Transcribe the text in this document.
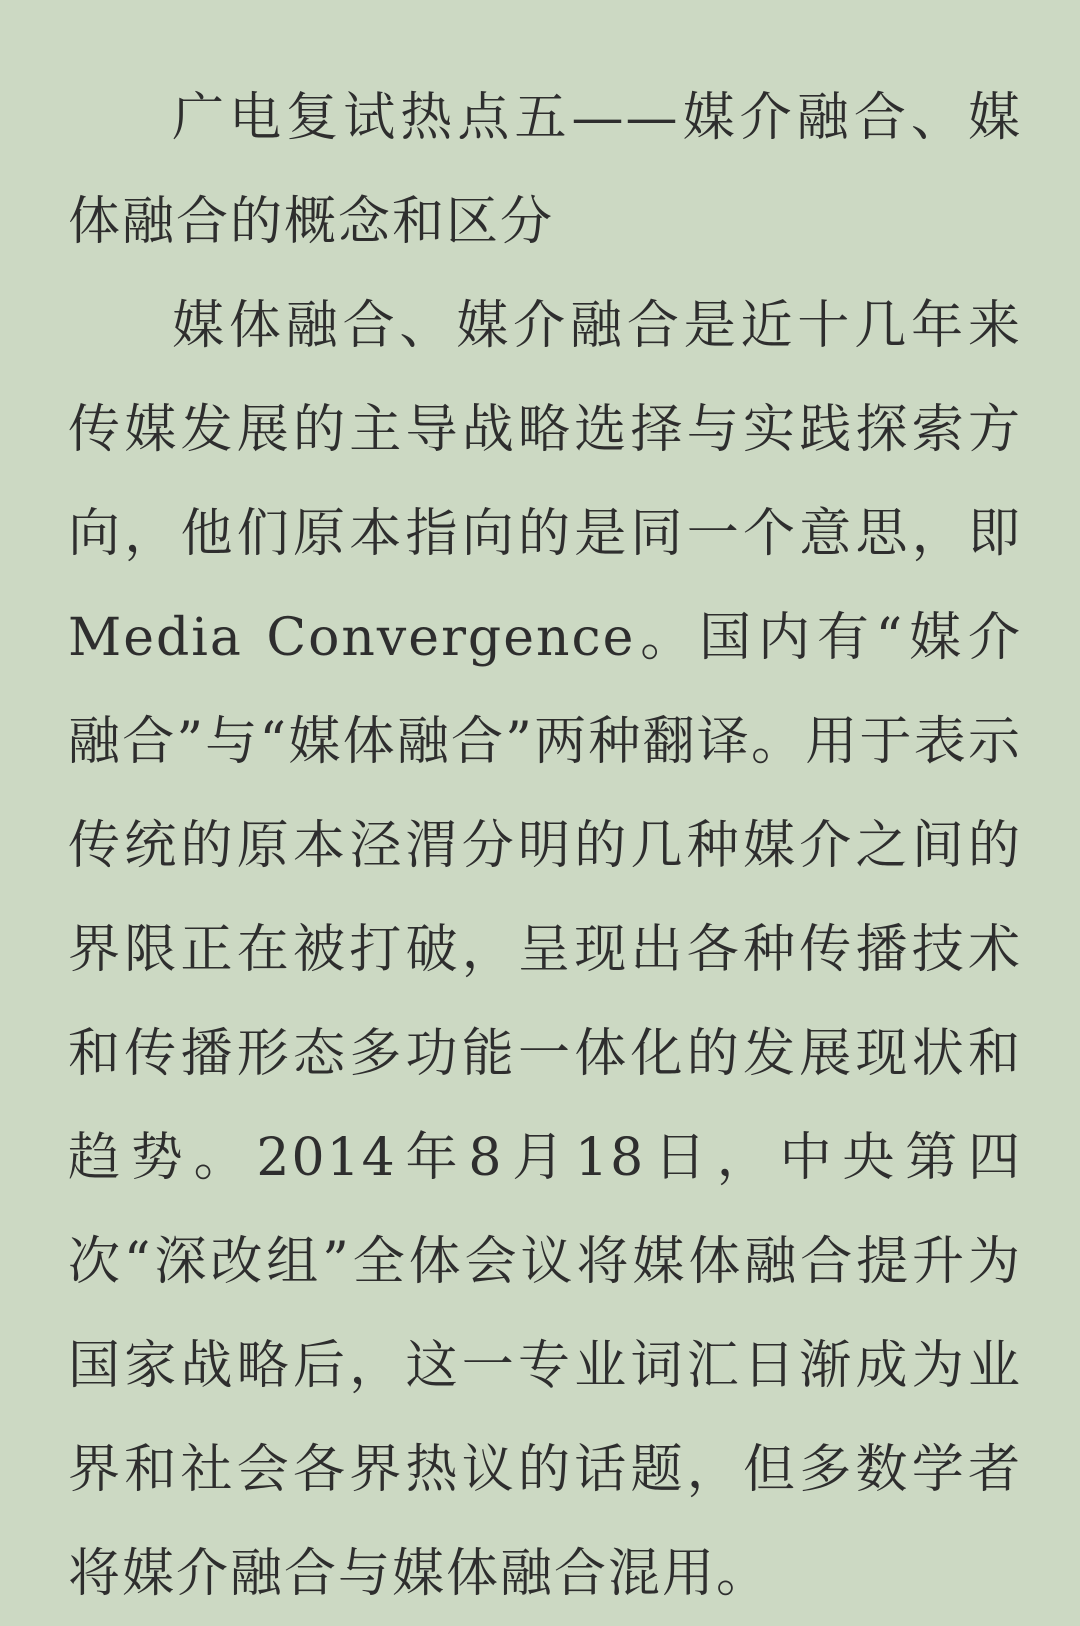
广电复试热点五——媒介融合、媒体融合的概念和区分

媒体融合、媒介融合是近十几年来传媒发展的主导战略选择与实践探索方向，他们原本指向的是同一个意思，即Media Convergence。国内有“媒介融合”与“媒体融合”两种翻译。用于表示传统的原本泾渭分明的几种媒介之间的界限正在被打破，呈现出各种传播技术和传播形态多功能一体化的发展现状和趋势。2014年8月18日，中央第四次“深改组”全体会议将媒体融合提升为国家战略后，这一专业词汇日渐成为业界和社会各界热议的话题，但多数学者将媒介融合与媒体融合混用。
